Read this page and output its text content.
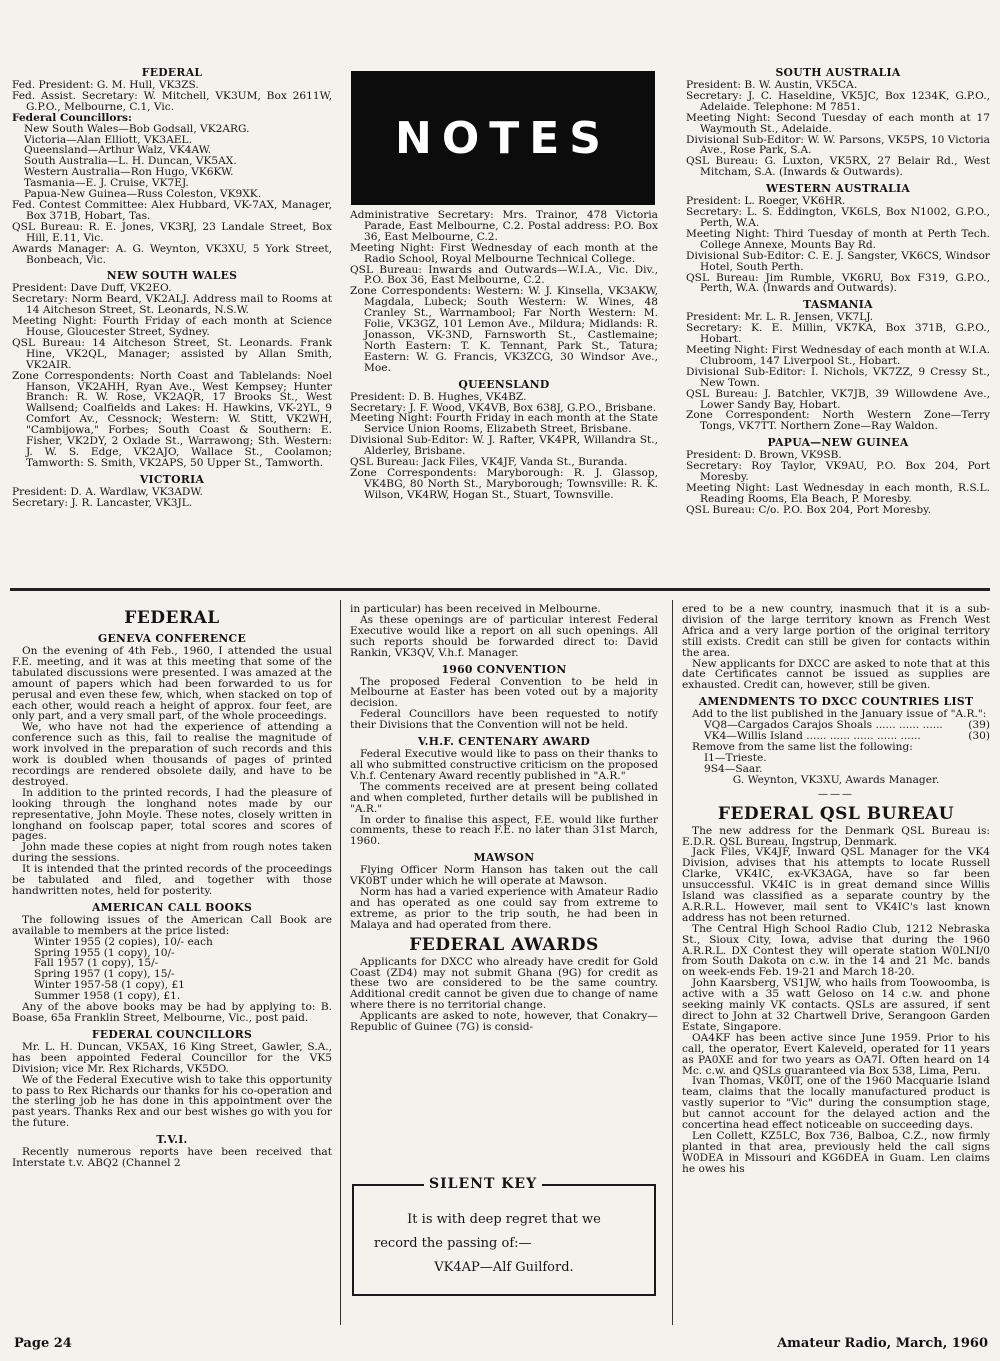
FEDERAL

Fed. President: G. M. Hull, VK3ZS.

Fed. Assist. Secretary: W. Mitchell, VK3UM, Box 2611W, G.P.O., Melbourne, C.1, Vic.

Federal Councillors:

New South Wales—Bob Godsall, VK2ARG.

Victoria—Alan Elliott, VK3AEL.

Queensland—Arthur Walz, VK4AW.

South Australia—L. H. Duncan, VK5AX.

Western Australia—Ron Hugo, VK6KW.

Tasmania—E. J. Cruise, VK7EJ.

Papua-New Guinea—Russ Coleston, VK9XK.

Fed. Contest Committee: Alex Hubbard, VK-7AX, Manager, Box 371B, Hobart, Tas.

QSL Bureau: R. E. Jones, VK3RJ, 23 Landale Street, Box Hill, E.11, Vic.

Awards Manager: A. G. Weynton, VK3XU, 5 York Street, Bonbeach, Vic.

NEW SOUTH WALES

President: Dave Duff, VK2EO.

Secretary: Norm Beard, VK2ALJ. Address mail to Rooms at 14 Aitcheson Street, St. Leonards, N.S.W.

Meeting Night: Fourth Friday of each month at Science House, Gloucester Street, Sydney.

QSL Bureau: 14 Aitcheson Street, St. Leonards. Frank Hine, VK2QL, Manager; assisted by Allan Smith, VK2AIR.

Zone Correspondents: North Coast and Tablelands: Noel Hanson, VK2AHH, Ryan Ave., West Kempsey; Hunter Branch: R. W. Rose, VK2AQR, 17 Brooks St., West Wallsend; Coalfields and Lakes: H. Hawkins, VK-2YL, 9 Comfort Av., Cessnock; Western: W. Stitt, VK2WH, "Cambijowa," Forbes; South Coast & Southern: E. Fisher, VK2DY, 2 Oxlade St., Warrawong; Sth. Western: J. W. S. Edge, VK2AJO, Wallace St., Coolamon; Tamworth: S. Smith, VK2APS, 50 Upper St., Tamworth.

VICTORIA

President: D. A. Wardlaw, VK3ADW.

Secretary: J. R. Lancaster, VK3JL.

NOTES

Administrative Secretary: Mrs. Trainor, 478 Victoria Parade, East Melbourne, C.2. Postal address: P.O. Box 36, East Melbourne, C.2.

Meeting Night: First Wednesday of each month at the Radio School, Royal Melbourne Technical College.

QSL Bureau: Inwards and Outwards—W.I.A., Vic. Div., P.O. Box 36, East Melbourne, C.2.

Zone Correspondents: Western: W. J. Kinsella, VK3AKW, Magdala, Lubeck; South Western: W. Wines, 48 Cranley St., Warrnambool; Far North Western: M. Folie, VK3GZ, 101 Lemon Ave., Mildura; Midlands: R. Jonasson, VK-3ND, Farnsworth St., Castlemaine; North Eastern: T. K. Tennant, Park St., Tatura; Eastern: W. G. Francis, VK3ZCG, 30 Windsor Ave., Moe.

QUEENSLAND

President: D. B. Hughes, VK4BZ.

Secretary: J. F. Wood, VK4VB, Box 638J, G.P.O., Brisbane.

Meeting Night: Fourth Friday in each month at the State Service Union Rooms, Elizabeth Street, Brisbane.

Divisional Sub-Editor: W. J. Rafter, VK4PR, Willandra St., Alderley, Brisbane.

QSL Bureau: Jack Files, VK4JF, Vanda St., Buranda.

Zone Correspondents: Maryborough: R. J. Glassop, VK4BG, 80 North St., Maryborough; Townsville: R. K. Wilson, VK4RW, Hogan St., Stuart, Townsville.

SOUTH AUSTRALIA

President: B. W. Austin, VK5CA.

Secretary: J. C. Haseldine, VK5JC, Box 1234K, G.P.O., Adelaide. Telephone: M 7851.

Meeting Night: Second Tuesday of each month at 17 Waymouth St., Adelaide.

Divisional Sub-Editor: W. W. Parsons, VK5PS, 10 Victoria Ave., Rose Park, S.A.

QSL Bureau: G. Luxton, VK5RX, 27 Belair Rd., West Mitcham, S.A. (Inwards & Outwards).

WESTERN AUSTRALIA

President: L. Roeger, VK6HR.

Secretary: L. S. Eddington, VK6LS, Box N1002, G.P.O., Perth, W.A.

Meeting Night: Third Tuesday of month at Perth Tech. College Annexe, Mounts Bay Rd.

Divisional Sub-Editor: C. E. J. Sangster, VK6CS, Windsor Hotel, South Perth.

QSL Bureau: Jim Rumble, VK6RU, Box F319, G.P.O., Perth, W.A. (Inwards and Outwards).

TASMANIA

President: Mr. L. R. Jensen, VK7LJ.

Secretary: K. E. Millin, VK7KA, Box 371B, G.P.O., Hobart.

Meeting Night: First Wednesday of each month at W.I.A. Clubroom, 147 Liverpool St., Hobart.

Divisional Sub-Editor: I. Nichols, VK7ZZ, 9 Cressy St., New Town.

QSL Bureau: J. Batchler, VK7JB, 39 Willowdene Ave., Lower Sandy Bay, Hobart.

Zone Correspondent: North Western Zone—Terry Tongs, VK7TT. Northern Zone—Ray Waldon.

PAPUA—NEW GUINEA

President: D. Brown, VK9SB.

Secretary: Roy Taylor, VK9AU, P.O. Box 204, Port Moresby.

Meeting Night: Last Wednesday in each month, R.S.L. Reading Rooms, Ela Beach, P. Moresby.

QSL Bureau: C/o. P.O. Box 204, Port Moresby.

FEDERAL
GENEVA CONFERENCE

On the evening of 4th Feb., 1960, I attended the usual F.E. meeting, and it was at this meeting that some of the tabulated discussions were presented. I was amazed at the amount of papers which had been forwarded to us for perusal and even these few, which, when stacked on top of each other, would reach a height of approx. four feet, are only part, and a very small part, of the whole proceedings.

We, who have not had the experience of attending a conference such as this, fail to realise the magnitude of work involved in the preparation of such records and this work is doubled when thousands of pages of printed recordings are rendered obsolete daily, and have to be destroyed.

In addition to the printed records, I had the pleasure of looking through the longhand notes made by our representative, John Moyle. These notes, closely written in longhand on foolscap paper, total scores and scores of pages.

John made these copies at night from rough notes taken during the sessions.

It is intended that the printed records of the proceedings be tabulated and filed, and together with those handwritten notes, held for posterity.

AMERICAN CALL BOOKS

The following issues of the American Call Book are available to members at the price listed:

Winter 1955 (2 copies), 10/- each

Spring 1955 (1 copy), 10/-

Fall 1957 (1 copy), 15/-

Spring 1957 (1 copy), 15/-

Winter 1957-58 (1 copy), £1

Summer 1958 (1 copy), £1.

Any of the above books may be had by applying to: B. Boase, 65a Franklin Street, Melbourne, Vic., post paid.

FEDERAL COUNCILLORS

Mr. L. H. Duncan, VK5AX, 16 King Street, Gawler, S.A., has been appointed Federal Councillor for the VK5 Division; vice Mr. Rex Richards, VK5DO.

We of the Federal Executive wish to take this opportunity to pass to Rex Richards our thanks for his co-operation and the sterling job he has done in this appointment over the past years. Thanks Rex and our best wishes go with you for the future.

T.V.I.

Recently numerous reports have been received that Interstate t.v. ABQ2 (Channel 2

in particular) has been received in Melbourne.

As these openings are of particular interest Federal Executive would like a report on all such openings. All such reports should be forwarded direct to: David Rankin, VK3QV, V.h.f. Manager.

1960 CONVENTION

The proposed Federal Convention to be held in Melbourne at Easter has been voted out by a majority decision.

Federal Councillors have been requested to notify their Divisions that the Convention will not be held.

V.H.F. CENTENARY AWARD

Federal Executive would like to pass on their thanks to all who submitted constructive criticism on the proposed V.h.f. Centenary Award recently published in "A.R."

The comments received are at present being collated and when completed, further details will be published in "A.R."

In order to finalise this aspect, F.E. would like further comments, these to reach F.E. no later than 31st March, 1960.

MAWSON

Flying Officer Norm Hanson has taken out the call VK0BT under which he will operate at Mawson.

Norm has had a varied experience with Amateur Radio and has operated as one could say from extreme to extreme, as prior to the trip south, he had been in Malaya and had operated from there.

FEDERAL AWARDS

Applicants for DXCC who already have credit for Gold Coast (ZD4) may not submit Ghana (9G) for credit as these two are considered to be the same country. Additional credit cannot be given due to change of name where there is no territorial change.

Applicants are asked to note, however, that Conakry—Republic of Guinee (7G) is consid-

SILENT KEY

It is with deep regret that we

record the passing of:—

VK4AP—Alf Guilford.

ered to be a new country, inasmuch that it is a sub-division of the large territory known as French West Africa and a very large portion of the original territory still exists. Credit can still be given for contacts within the area.

New applicants for DXCC are asked to note that at this date Certificates cannot be issued as supplies are exhausted. Credit can, however, still be given.

AMENDMENTS TO DXCC COUNTRIES LIST

Add to the list published in the January issue of "A.R.":

VQ8—Cargados Carajos Shoals ...... ...... ...... (39)
VK4—Willis Island ...... ...... ...... ...... ......	(30)

Remove from the same list the following:

I1—Trieste.

9S4—Saar.

G. Weynton, VK3XU, Awards Manager.

———
FEDERAL QSL BUREAU

The new address for the Denmark QSL Bureau is: E.D.R. QSL Bureau, Ingstrup, Denmark.

Jack Files, VK4JF, Inward QSL Manager for the VK4 Division, advises that his attempts to locate Russell Clarke, VK4IC, ex-VK3AGA, have so far been unsuccessful. VK4IC is in great demand since Willis Island was classified as a separate country by the A.R.R.L. However, mail sent to VK4IC's last known address has not been returned.

The Central High School Radio Club, 1212 Nebraska St., Sioux City, Iowa, advise that during the 1960 A.R.R.L. DX Contest they will operate station W0LNI/0 from South Dakota on c.w. in the 14 and 21 Mc. bands on week-ends Feb. 19-21 and March 18-20.

John Kaarsberg, VS1JW, who hails from Toowoomba, is active with a 35 watt Geloso on 14 c.w. and phone seeking mainly VK contacts. QSLs are assured, if sent direct to John at 32 Chartwell Drive, Serangoon Garden Estate, Singapore.

OA4KF has been active since June 1959. Prior to his call, the operator, Evert Kaleveld, operated for 11 years as PA0XE and for two years as OA7I. Often heard on 14 Mc. c.w. and QSLs guaranteed via Box 538, Lima, Peru.

Ivan Thomas, VK0IT, one of the 1960 Macquarie Island team, claims that the locally manufactured product is vastly superior to "Vic" during the consumption stage, but cannot account for the delayed action and the concertina head effect noticeable on succeeding days.

Len Collett, KZ5LC, Box 736, Balboa, C.Z., now firmly planted in that area, previously held the call signs W0DEA in Missouri and KG6DEA in Guam. Len claims he owes his

Page 24	Amateur Radio, March, 1960
